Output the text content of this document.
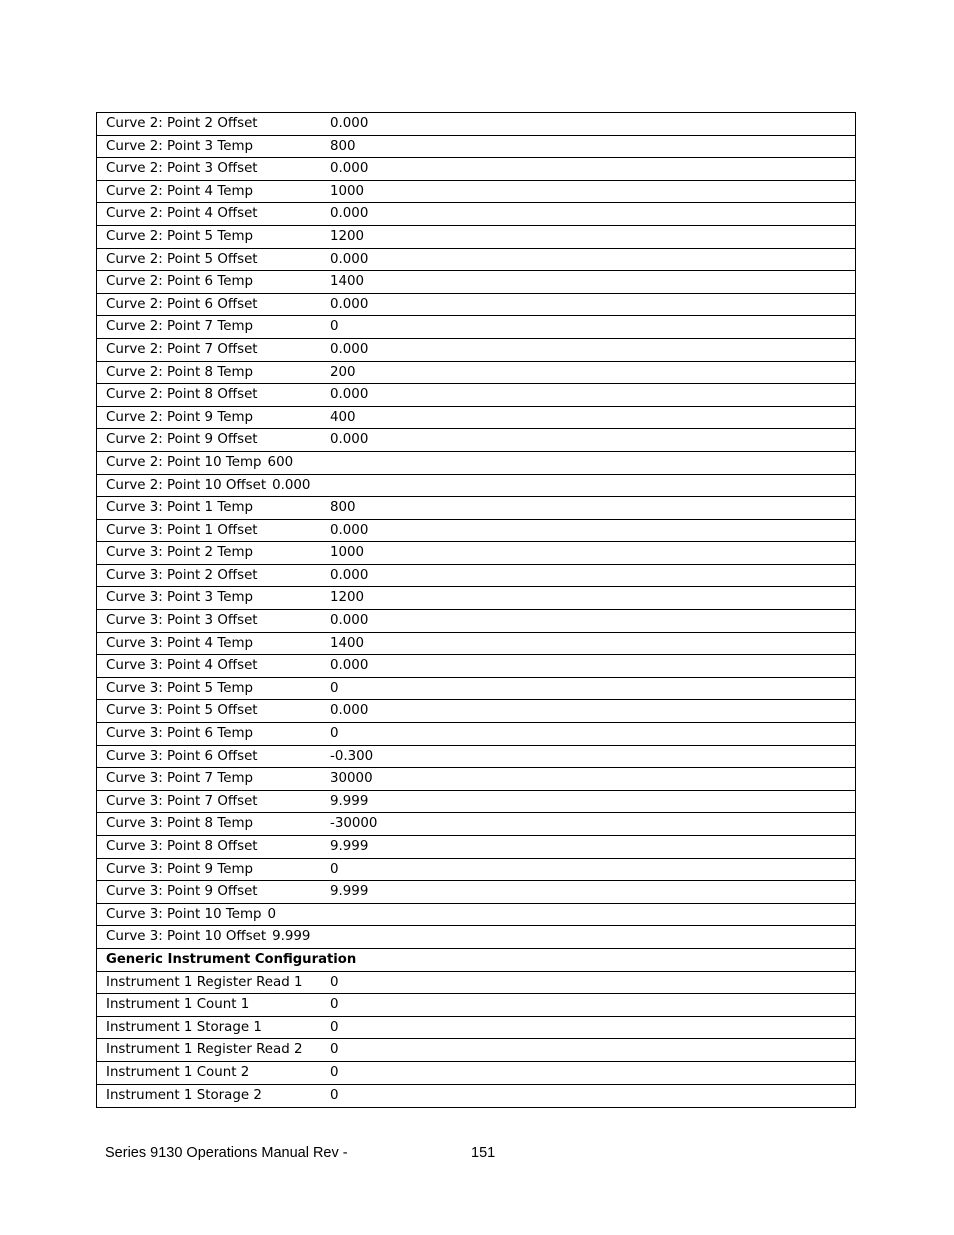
Curve 2: Point 2 Offset	0.000
Curve 2: Point 3 Temp	800
Curve 2: Point 3 Offset	0.000
Curve 2: Point 4 Temp	1000
Curve 2: Point 4 Offset	0.000
Curve 2: Point 5 Temp	1200
Curve 2: Point 5 Offset	0.000
Curve 2: Point 6 Temp	1400
Curve 2: Point 6 Offset	0.000
Curve 2: Point 7 Temp	0
Curve 2: Point 7 Offset	0.000
Curve 2: Point 8 Temp	200
Curve 2: Point 8 Offset	0.000
Curve 2: Point 9 Temp	400
Curve 2: Point 9 Offset	0.000
Curve 2: Point 10 Temp 600
Curve 2: Point 10 Offset 0.000
Curve 3: Point 1 Temp	800
Curve 3: Point 1 Offset	0.000
Curve 3: Point 2 Temp	1000
Curve 3: Point 2 Offset	0.000
Curve 3: Point 3 Temp	1200
Curve 3: Point 3 Offset	0.000
Curve 3: Point 4 Temp	1400
Curve 3: Point 4 Offset	0.000
Curve 3: Point 5 Temp	0
Curve 3: Point 5 Offset	0.000
Curve 3: Point 6 Temp	0
Curve 3: Point 6 Offset	-0.300
Curve 3: Point 7 Temp	30000
Curve 3: Point 7 Offset	9.999
Curve 3: Point 8 Temp	-30000
Curve 3: Point 8 Offset	9.999
Curve 3: Point 9 Temp	0
Curve 3: Point 9 Offset	9.999
Curve 3: Point 10 Temp 0
Curve 3: Point 10 Offset 9.999
Generic Instrument Configuration
Instrument 1 Register Read 1 0
Instrument 1 Count 1	0
Instrument 1 Storage 1	0
Instrument 1 Register Read 2 0
Instrument 1 Count 2	0
Instrument 1 Storage 2	0
Series 9130 Operations Manual Rev -	151
